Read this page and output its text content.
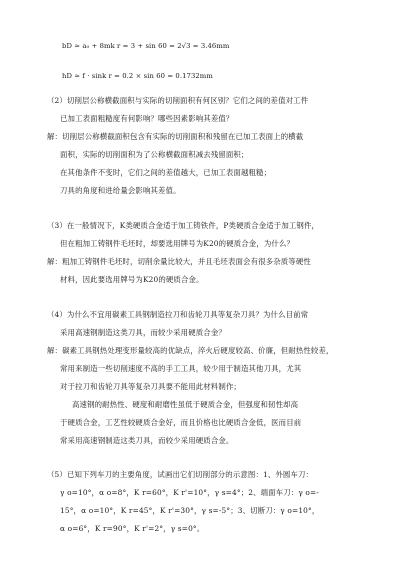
bD ≈ a₀ + 8mk r = 3 + sin 60 = 2√3 = 3.46mm
hD ≈ f · sink r = 0.2 × sin 60 = 0.1732mm
（2）切削层公称横截面积与实际的切削面积有何区别？它们之间的差值对工件
已加工表面粗糙度有何影响？哪些因素影响其差值？
解：切削层公称横截面积包含有实际的切削面积和残留在已加工表面上的横截
面积，实际的切削面积为了公称横截面积减去残留面积；
在其他条件不变时，它们之间的差值越大，已加工表面越粗糙；
刀具的角度和进给量会影响其差值。
（3）在一般情况下，K类硬质合金适于加工铸铁件，P类硬质合金适于加工钢件，
但在粗加工铸钢件毛坯时，却要选用牌号为K20的硬质合金，为什么？
解：粗加工铸钢件毛坯时，切削余量比较大，并且毛坯表面会有很多杂质等硬性
材料，因此要选用牌号为K20的硬质合金。
（4）为什么不宜用碳素工具钢制造拉刀和齿轮刀具等复杂刀具？为什么目前常
采用高速钢制造这类刀具，而较少采用硬质合金？
解：碳素工具钢热处理变形量较高的优缺点，淬火后硬度较高、价廉，但耐热性较差，
常用来制造一些切削速度不高的手工工具，较少用于制造其他刀具，尤其
对于拉刀和齿轮刀具等复杂刀具要不能用此材料制作；
高速钢的耐热性、硬度和耐磨性虽低于硬质合金，但强度和韧性却高
于硬质合金，工艺性较硬质合金好，而且价格也比硬质合金低，医而目前
常采用高速钢制造这类刀具，而较少采用硬质合金。
（5）已知下列车刀的主要角度，试画出它们切削部分的示意图：1、外圆车刀：
γ o=10°，α o=8°，K r=60°，K r'=10°，γ s=4°；2、端面车刀：γ o=-
15°，α o=10°，K r=45°，K r'=30°，γ s=-5°；3、切断刀：γ o=10°，
α o=6°，K r=90°，K r'=2°，γ s=0°。
